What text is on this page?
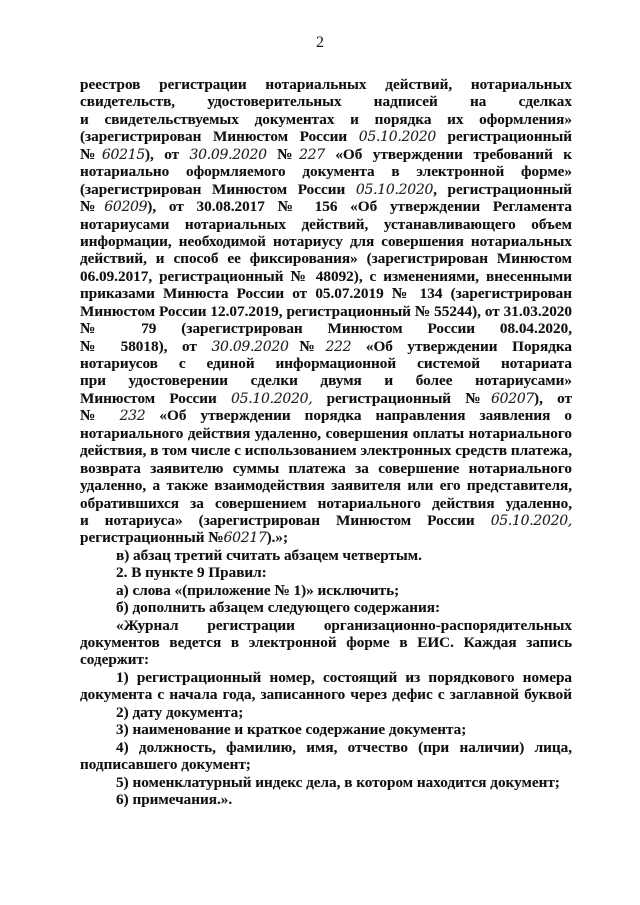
2
реестров регистрации нотариальных действий, нотариальных
свидетельств, удостоверительных надписей на сделках
и свидетельствуемых документах и порядка их оформления»
(зарегистрирован Минюстом России 05.10.2020 регистрационный
№60215), от 30.09.2020 №227 «Об утверждении требований к
нотариально оформляемого документа в электронной форме»
(зарегистрирован Минюстом России 05.10.2020, регистрационный
№60209), от 30.08.2017 № 156 «Об утверждении Регламента
нотариусами нотариальных действий, устанавливающего объем
информации, необходимой нотариусу для совершения нотариальных
действий, и способ ее фиксирования» (зарегистрирован Минюстом
06.09.2017, регистрационный № 48092), с изменениями, внесенными
приказами Минюста России от 05.07.2019 № 134 (зарегистрирован
Минюстом России 12.07.2019, регистрационный № 55244), от 31.03.2020
№ 79 (зарегистрирован Минюстом России 08.04.2020,
№ 58018), от 30.09.2020№222 «Об утверждении Порядка
нотариусов с единой информационной системой нотариата
при удостоверении сделки двумя и более нотариусами»
Минюстом России 05.10.2020, регистрационный №60207), от
№ 232 «Об утверждении порядка направления заявления о
нотариального действия удаленно, совершения оплаты нотариального
действия, в том числе с использованием электронных средств платежа,
возврата заявителю суммы платежа за совершение нотариального
удаленно, а также взаимодействия заявителя или его представителя,
обратившихся за совершением нотариального действия удаленно,
и нотариуса» (зарегистрирован Минюстом России 05.10.2020,
регистрационный №60217).»;
в) абзац третий считать абзацем четвертым.
2. В пункте 9 Правил:
а) слова «(приложение № 1)» исключить;
б) дополнить абзацем следующего содержания:
«Журнал регистрации организационно-распорядительных
документов ведется в электронной форме в ЕИС. Каждая запись
содержит:
1) регистрационный номер, состоящий из порядкового номера
документа с начала года, записанного через дефис с заглавной буквой
2) дату документа;
3) наименование и краткое содержание документа;
4) должность, фамилию, имя, отчество (при наличии) лица,
подписавшего документ;
5) номенклатурный индекс дела, в котором находится документ;
6) примечания.».
